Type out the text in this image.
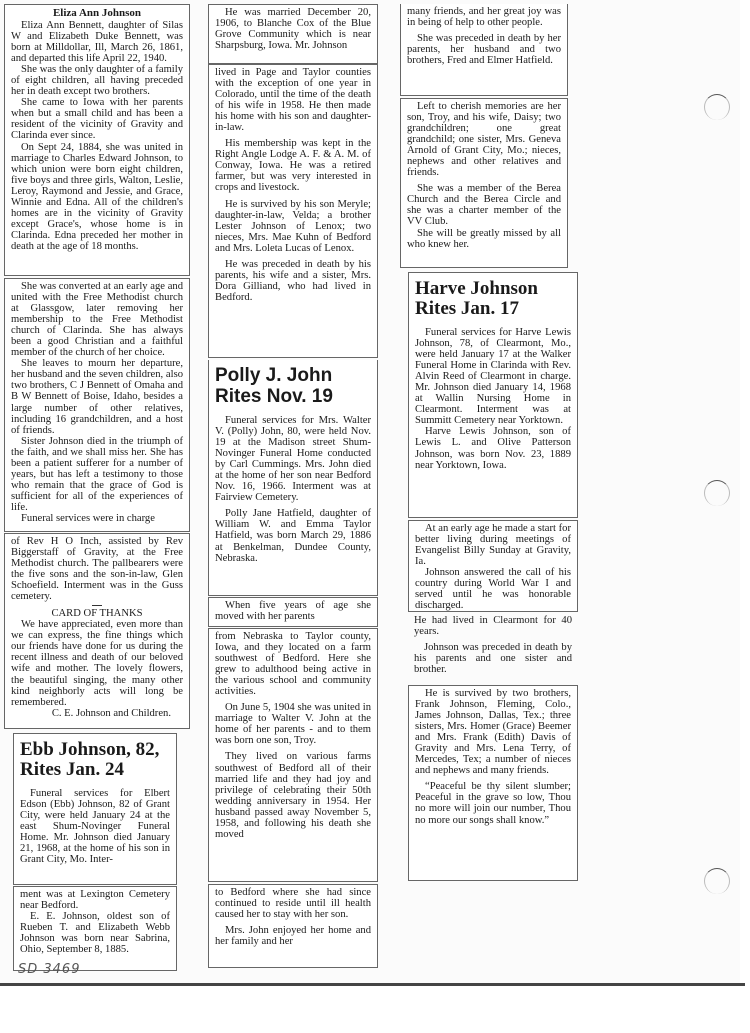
Eliza Ann Johnson

Eliza Ann Bennett, daughter of Silas W and Elizabeth Duke Bennett, was born at Milldollar, Ill, March 26, 1861, and departed this life April 22, 1940.

She was the only daughter of a family of eight children, all having preceded her in death except two brothers.

She came to Iowa with her parents when but a small child and has been a resident of the vicinity of Gravity and Clarinda ever since.

On Sept 24, 1884, she was united in marriage to Charles Edward Johnson, to which union were born eight children, five boys and three girls, Walton, Leslie, Leroy, Raymond and Jessie, and Grace, Winnie and Edna. All of the children's homes are in the vicinity of Gravity except Grace's, whose home is in Clarinda. Edna preceded her mother in death at the age of 18 months.

She was converted at an early age and united with the Free Methodist church at Glassgow, later removing her membership to the Free Methodist church of Clarinda. She has always been a good Christian and a faithful member of the church of her choice.

She leaves to mourn her departure, her husband and the seven children, also two brothers, C J Bennett of Omaha and B W Bennett of Boise, Idaho, besides a large number of other relatives, including 16 grandchildren, and a host of friends.

Sister Johnson died in the triumph of the faith, and we shall miss her. She has been a patient sufferer for a number of years, but has left a testimony to those who remain that the grace of God is sufficient for all of the experiences of life.

Funeral services were in charge

of Rev H O Inch, assisted by Rev Biggerstaff of Gravity, at the Free Methodist church. The pallbearers were the five sons and the son-in-law, Glen Schoefield. Interment was in the Guss cemetery.

CARD OF THANKS

We have appreciated, even more than we can express, the fine things which our friends have done for us during the recent illness and death of our beloved wife and mother. The lovely flowers, the beautiful singing, the many other kind neighborly acts will long be remembered.

C. E. Johnson and Children.
Ebb Johnson, 82,
Rites Jan. 24

Funeral services for Elbert Edson (Ebb) Johnson, 82 of Grant City, were held January 24 at the east Shum-Novinger Funeral Home. Mr. Johnson died January 21, 1968, at the home of his son in Grant City, Mo. Inter-

ment was at Lexington Cemetery near Bedford.

E. E. Johnson, oldest son of Rueben T. and Elizabeth Webb Johnson was born near Sabrina, Ohio, September 8, 1885.

SD 3469

He was married December 20, 1906, to Blanche Cox of the Blue Grove Community which is near Sharpsburg, Iowa. Mr. Johnson

lived in Page and Taylor counties with the exception of one year in Colorado, until the time of the death of his wife in 1958. He then made his home with his son and daughter-in-law.

His membership was kept in the Right Angle Lodge A. F. & A. M. of Conway, Iowa. He was a retired farmer, but was very interested in crops and livestock.

He is survived by his son Meryle; daughter-in-law, Velda; a brother Lester Johnson of Lenox; two nieces, Mrs. Mae Kuhn of Bedford and Mrs. Loleta Lucas of Lenox.

He was preceded in death by his parents, his wife and a sister, Mrs. Dora Gilliand, who had lived in Bedford.

Polly J. John
Rites Nov. 19

Funeral services for Mrs. Walter V. (Polly) John, 80, were held Nov. 19 at the Madison street Shum-Novinger Funeral Home conducted by Carl Cummings. Mrs. John died at the home of her son near Bedford Nov. 16, 1966. Interment was at Fairview Cemetery.

Polly Jane Hatfield, daughter of William W. and Emma Taylor Hatfield, was born March 29, 1886 at Benkelman, Dundee County, Nebraska.

When five years of age she moved with her parents

from Nebraska to Taylor county, Iowa, and they located on a farm southwest of Bedford. Here she grew to adulthood being active in the various school and community activities.

On June 5, 1904 she was united in marriage to Walter V. John at the home of her parents - and to them was born one son, Troy.

They lived on various farms southwest of Bedford all of their married life and they had joy and privilege of celebrating their 50th wedding anniversary in 1954. Her husband passed away November 5, 1958, and following his death she moved

to Bedford where she had since continued to reside until ill health caused her to stay with her son.

Mrs. John enjoyed her home and her family and her

many friends, and her great joy was in being of help to other people.

She was preceded in death by her parents, her husband and two brothers, Fred and Elmer Hatfield.

Left to cherish memories are her son, Troy, and his wife, Daisy; two grandchildren; one great grandchild; one sister, Mrs. Geneva Arnold of Grant City, Mo.; nieces, nephews and other relatives and friends.

She was a member of the Berea Church and the Berea Circle and she was a charter member of the VV Club.

She will be greatly missed by all who knew her.

Harve Johnson
Rites Jan. 17

Funeral services for Harve Lewis Johnson, 78, of Clearmont, Mo., were held January 17 at the Walker Funeral Home in Clarinda with Rev. Alvin Reed of Clearmont in charge. Mr. Johnson died January 14, 1968 at Wallin Nursing Home in Clearmont. Interment was at Summitt Cemetery near Yorktown.

Harve Lewis Johnson, son of Lewis L. and Olive Patterson Johnson, was born Nov. 23, 1889 near Yorktown, Iowa.

At an early age he made a start for better living during meetings of Evangelist Billy Sunday at Gravity, Ia.

Johnson answered the call of his country during World War I and served until he was honorable discharged.

He had lived in Clearmont for 40 years.

Johnson was preceded in death by his parents and one sister and brother.

He is survived by two brothers, Frank Johnson, Fleming, Colo., James Johnson, Dallas, Tex.; three sisters, Mrs. Homer (Grace) Beemer and Mrs. Frank (Edith) Davis of Gravity and Mrs. Lena Terry, of Mercedes, Tex; a number of nieces and nephews and many friends.

“Peaceful be thy silent slumber; Peaceful in the grave so low, Thou no more will join our number, Thou no more our songs shall know.”
